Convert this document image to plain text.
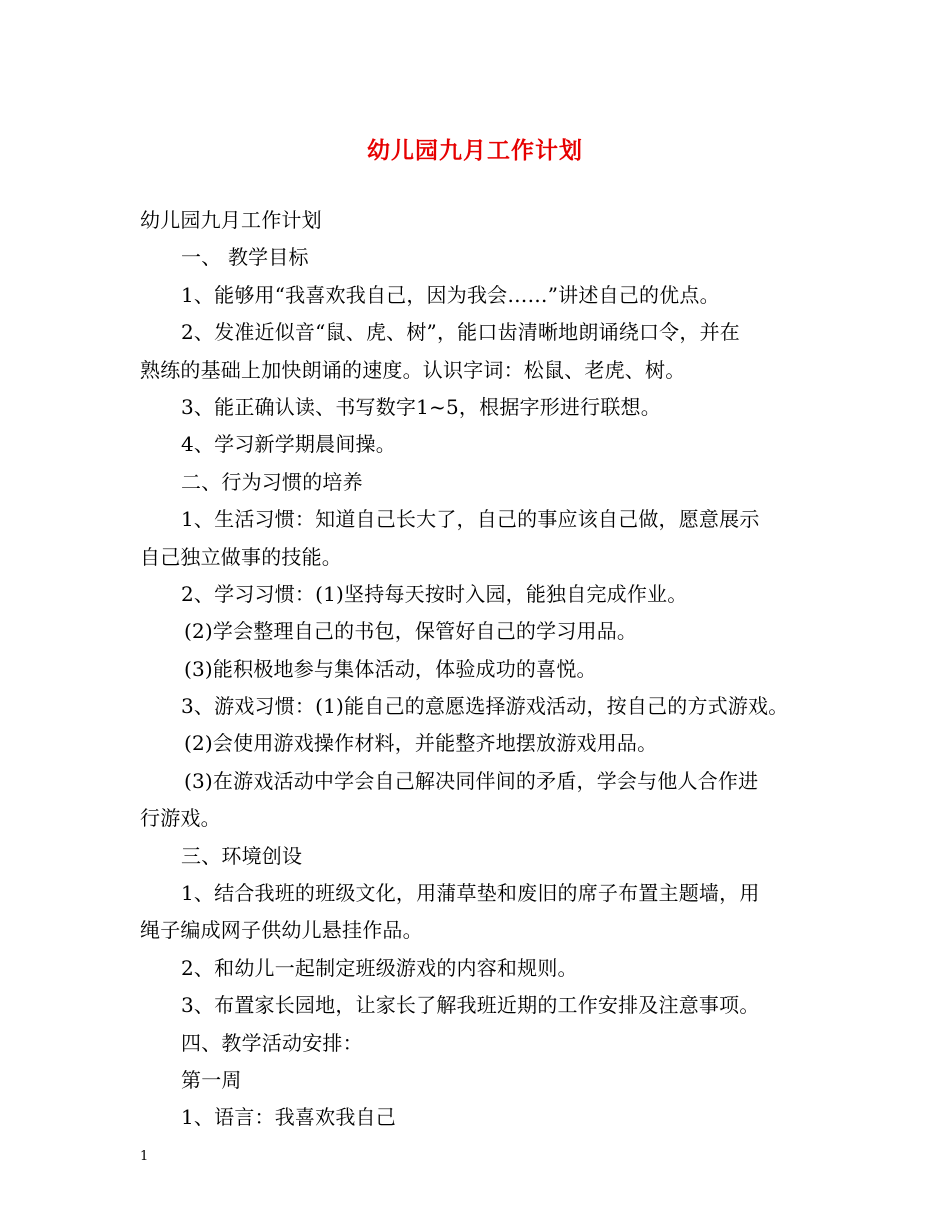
幼儿园九月工作计划
幼儿园九月工作计划
一、 教学目标
1、能够用“我喜欢我自己，因为我会……”讲述自己的优点。
2、发准近似音“鼠、虎、树”，能口齿清晰地朗诵绕口令，并在
熟练的基础上加快朗诵的速度。认识字词：松鼠、老虎、树。
3、能正确认读、书写数字1~5，根据字形进行联想。
4、学习新学期晨间操。
二、行为习惯的培养
1、生活习惯：知道自己长大了，自己的事应该自己做，愿意展示
自己独立做事的技能。
2、学习习惯：(1)坚持每天按时入园，能独自完成作业。
(2)学会整理自己的书包，保管好自己的学习用品。
(3)能积极地参与集体活动，体验成功的喜悦。
3、游戏习惯：(1)能自己的意愿选择游戏活动，按自己的方式游戏。
(2)会使用游戏操作材料，并能整齐地摆放游戏用品。
(3)在游戏活动中学会自己解决同伴间的矛盾，学会与他人合作进
行游戏。
三、环境创设
1、结合我班的班级文化，用蒲草垫和废旧的席子布置主题墙，用
绳子编成网子供幼儿悬挂作品。
2、和幼儿一起制定班级游戏的内容和规则。
3、布置家长园地，让家长了解我班近期的工作安排及注意事项。
四、教学活动安排：
第一周
1、语言：我喜欢我自己
1
